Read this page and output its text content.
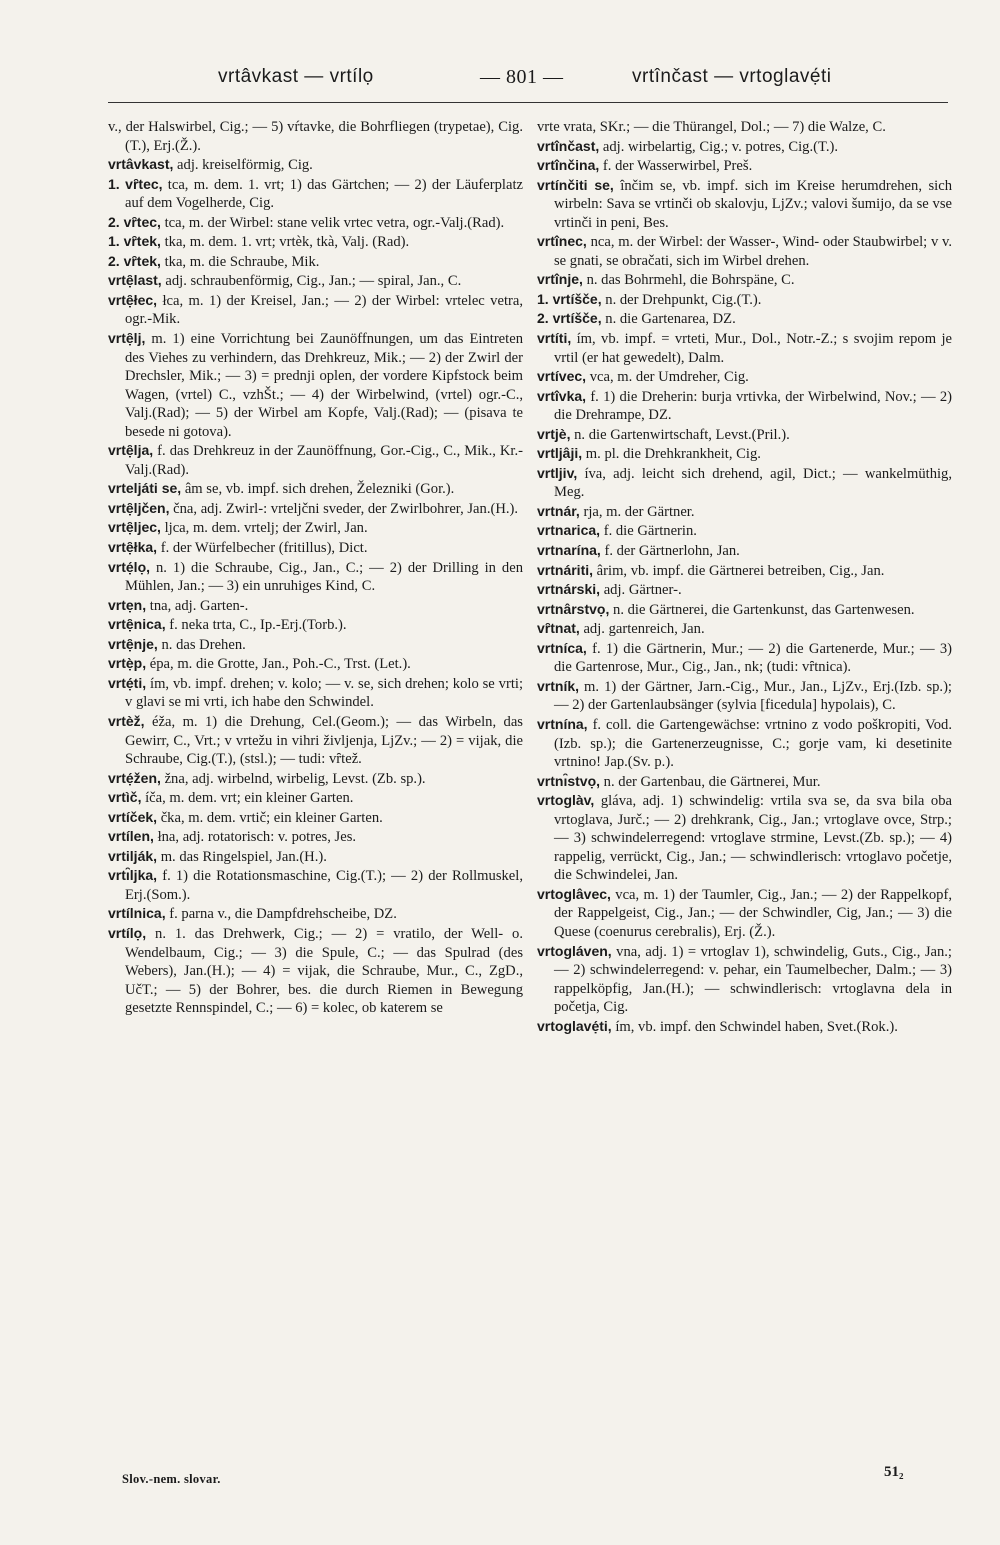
vrtâvkast — vrtílọ	— 801 —	vrtînčast — vrtoglavẹ́ti

v., der Halswirbel, Cig.; — 5) vŕtavke, die Bohrfliegen (trypetae), Cig.(T.), Erj.(Ž.).

vrtâvkast, adj. kreiselförmig, Cig.

1. vȓtec, tca, m. dem. 1. vrt; 1) das Gärtchen; — 2) der Läuferplatz auf dem Vogelherde, Cig.

2. vȓtec, tca, m. der Wirbel: stane velik vrtec vetra, ogr.-Valj.(Rad).

1. vȓtek, tka, m. dem. 1. vrt; vrtèk, tkà, Valj. (Rad).

2. vȓtek, tka, m. die Schraube, Mik.

vrtẹ̑last, adj. schraubenförmig, Cig., Jan.; — spiral, Jan., C.

vrtẹ̑łec, łca, m. 1) der Kreisel, Jan.; — 2) der Wirbel: vrtelec vetra, ogr.-Mik.

vrtẹ̑lj, m. 1) eine Vorrichtung bei Zaunöffnungen, um das Eintreten des Viehes zu verhindern, das Drehkreuz, Mik.; — 2) der Zwirl der Drechsler, Mik.; — 3) = prednji oplen, der vordere Kipfstock beim Wagen, (vrtel) C., vzhŠt.; — 4) der Wirbelwind, (vrtel) ogr.-C., Valj.(Rad); — 5) der Wirbel am Kopfe, Valj.(Rad); — (pisava te besede ni gotova).

vrtẹ̑lja, f. das Drehkreuz in der Zaunöffnung, Gor.-Cig., C., Mik., Kr.-Valj.(Rad).

vrteljáti se, âm se, vb. impf. sich drehen, Železniki (Gor.).

vrtẹ̑ljčen, čna, adj. Zwirl-: vrteljčni sveder, der Zwirlbohrer, Jan.(H.).

vrtẹ̑ljec, ljca, m. dem. vrtelj; der Zwirl, Jan.

vrtẹ̑łka, f. der Würfelbecher (fritillus), Dict.

vrtẹ́lọ, n. 1) die Schraube, Cig., Jan., C.; — 2) der Drilling in den Mühlen, Jan.; — 3) ein unruhiges Kind, C.

vrtẹn, tna, adj. Garten-.

vrtẹ̑nica, f. neka trta, C., Ip.-Erj.(Torb.).

vrtẹ̑nje, n. das Drehen.

vrtẹ̀p, épa, m. die Grotte, Jan., Poh.-C., Trst. (Let.).

vrtẹ́ti, ím, vb. impf. drehen; v. kolo; — v. se, sich drehen; kolo se vrti; v glavi se mi vrti, ich habe den Schwindel.

vrtèž, éža, m. 1) die Drehung, Cel.(Geom.); — das Wirbeln, das Gewirr, C., Vrt.; v vrtežu in vihri življenja, LjZv.; — 2) = vijak, die Schraube, Cig.(T.), (stsl.); — tudi: vȓtež.

vrtẹ́žen, žna, adj. wirbelnd, wirbelig, Levst. (Zb. sp.).

vrtìč, íča, m. dem. vrt; ein kleiner Garten.

vrtíček, čka, m. dem. vrtič; ein kleiner Garten.

vrtílen, łna, adj. rotatorisch: v. potres, Jes.

vrtilják, m. das Ringelspiel, Jan.(H.).

vrtı̑ljka, f. 1) die Rotationsmaschine, Cig.(T.); — 2) der Rollmuskel, Erj.(Som.).

vrtílnica, f. parna v., die Dampfdrehscheibe, DZ.

vrtílọ, n. 1. das Drehwerk, Cig.; — 2) = vratilo, der Well- o. Wendelbaum, Cig.; — 3) die Spule, C.; — das Spulrad (des Webers), Jan.(H.); — 4) = vijak, die Schraube, Mur., C., ZgD., UčT.; — 5) der Bohrer, bes. die durch Riemen in Bewegung gesetzte Rennspindel, C.; — 6) = kolec, ob katerem se

vrte vrata, SKr.; — die Thürangel, Dol.; — 7) die Walze, C.

vrtînčast, adj. wirbelartig, Cig.; v. potres, Cig.(T.).

vrtînčina, f. der Wasserwirbel, Preš.

vrtínčiti se, înčim se, vb. impf. sich im Kreise herumdrehen, sich wirbeln: Sava se vrtinči ob skalovju, LjZv.; valovi šumijo, da se vse vrtinči in peni, Bes.

vrtînec, nca, m. der Wirbel: der Wasser-, Wind- oder Staubwirbel; v v. se gnati, se obračati, sich im Wirbel drehen.

vrtînje, n. das Bohrmehl, die Bohrspäne, C.

1. vrtíšče, n. der Drehpunkt, Cig.(T.).

2. vrtíšče, n. die Gartenarea, DZ.

vrtíti, ím, vb. impf. = vrteti, Mur., Dol., Notr.-Z.; s svojim repom je vrtil (er hat gewedelt), Dalm.

vrtívec, vca, m. der Umdreher, Cig.

vrtîvka, f. 1) die Dreherin: burja vrtivka, der Wirbelwind, Nov.; — 2) die Drehrampe, DZ.

vrtjè, n. die Gartenwirtschaft, Levst.(Pril.).

vrtljâji, m. pl. die Drehkrankheit, Cig.

vrtljiv, íva, adj. leicht sich drehend, agil, Dict.; — wankelmüthig, Meg.

vrtnár, rja, m. der Gärtner.

vrtnarica, f. die Gärtnerin.

vrtnarína, f. der Gärtnerlohn, Jan.

vrtnáriti, ârim, vb. impf. die Gärtnerei betreiben, Cig., Jan.

vrtnárski, adj. Gärtner-.

vrtnârstvọ, n. die Gärtnerei, die Gartenkunst, das Gartenwesen.

vȓtnat, adj. gartenreich, Jan.

vrtníca, f. 1) die Gärtnerin, Mur.; — 2) die Gartenerde, Mur.; — 3) die Gartenrose, Mur., Cig., Jan., nk; (tudi: vȓtnica).

vrtník, m. 1) der Gärtner, Jarn.-Cig., Mur., Jan., LjZv., Erj.(Izb. sp.); — 2) der Gartenlaubsänger (sylvia [ficedula] hypolais), C.

vrtnína, f. coll. die Gartengewächse: vrtnino z vodo poškropiti, Vod.(Izb. sp.); die Gartenerzeugnisse, C.; gorje vam, ki desetinite vrtnino! Jap.(Sv. p.).

vrtnı̑stvọ, n. der Gartenbau, die Gärtnerei, Mur.

vrtoglàv, gláva, adj. 1) schwindelig: vrtila sva se, da sva bila oba vrtoglava, Jurč.; — 2) drehkrank, Cig., Jan.; vrtoglave ovce, Strp.; — 3) schwindelerregend: vrtoglave strmine, Levst.(Zb. sp.); — 4) rappelig, verrückt, Cig., Jan.; — schwindlerisch: vrtoglavo početje, die Schwindelei, Jan.

vrtoglâvec, vca, m. 1) der Taumler, Cig., Jan.; — 2) der Rappelkopf, der Rappelgeist, Cig., Jan.; — der Schwindler, Cig, Jan.; — 3) die Quese (coenurus cerebralis), Erj. (Ž.).

vrtogláven, vna, adj. 1) = vrtoglav 1), schwindelig, Guts., Cig., Jan.; — 2) schwindelerregend: v. pehar, ein Taumelbecher, Dalm.; — 3) rappelköpfig, Jan.(H.); — schwindlerisch: vrtoglavna dela in početja, Cig.

vrtoglavẹ́ti, ím, vb. impf. den Schwindel haben, Svet.(Rok.).

Slov.-nem. slovar.	51₂
